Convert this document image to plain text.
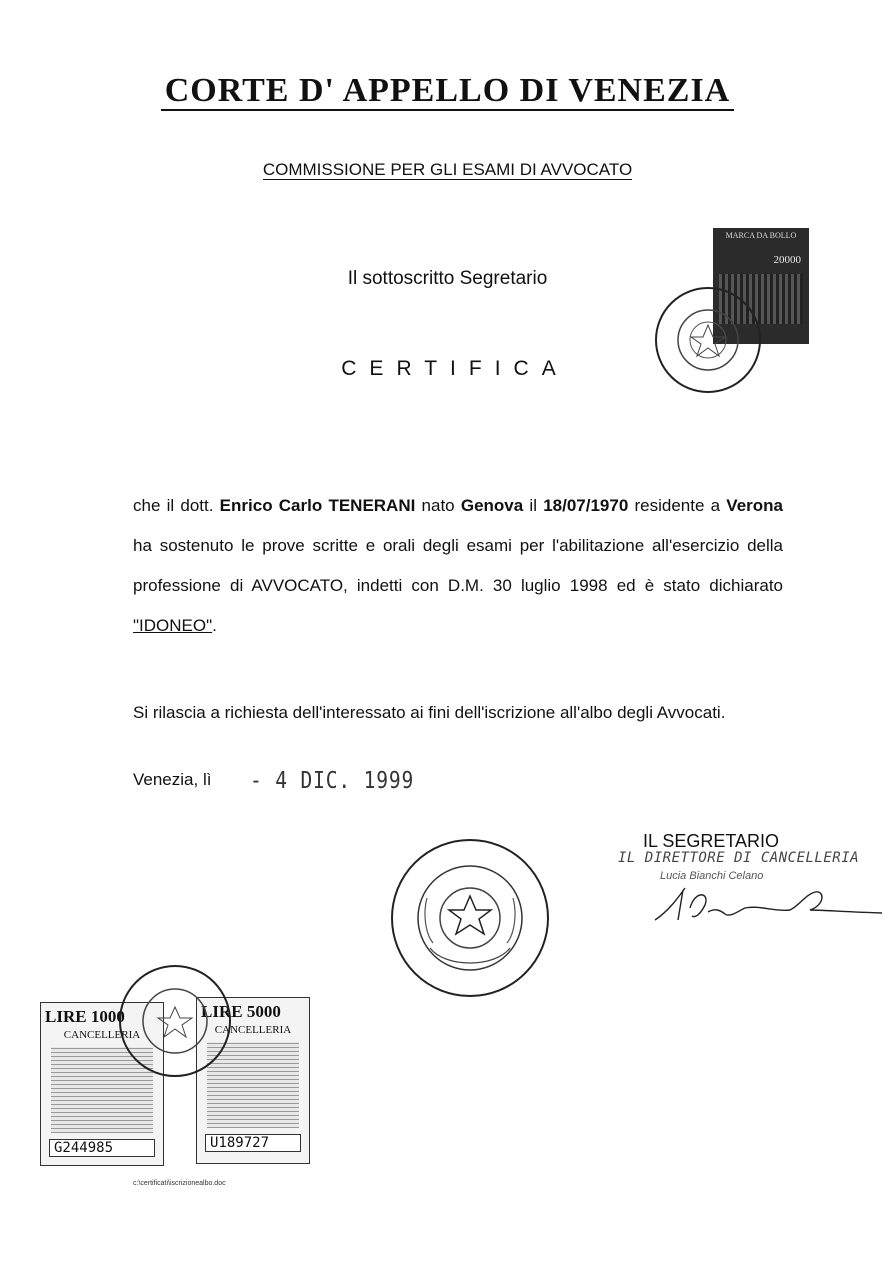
CORTE D' APPELLO DI VENEZIA
COMMISSIONE PER GLI ESAMI DI AVVOCATO
MARCA DA BOLLO
20000
Il sottoscritto Segretario
CERTIFICA
che il dott. Enrico Carlo TENERANI nato Genova il 18/07/1970 residente a Verona ha sostenuto le prove scritte e orali degli esami per l'abilitazione all'esercizio della professione di AVVOCATO, indetti con D.M. 30 luglio 1998 ed è stato dichiarato "IDONEO".
Si rilascia a richiesta dell'interessato ai fini dell'iscrizione all'albo degli Avvocati.
Venezia, lì - 4 DIC. 1999
IL SEGRETARIO
IL DIRETTORE DI CANCELLERIA
Lucia Bianchi Celano
LIRE 1000
CANCELLERIA
G244985
LIRE 5000
CANCELLERIA
U189727
c:\certificati\iscrizionealbo.doc
